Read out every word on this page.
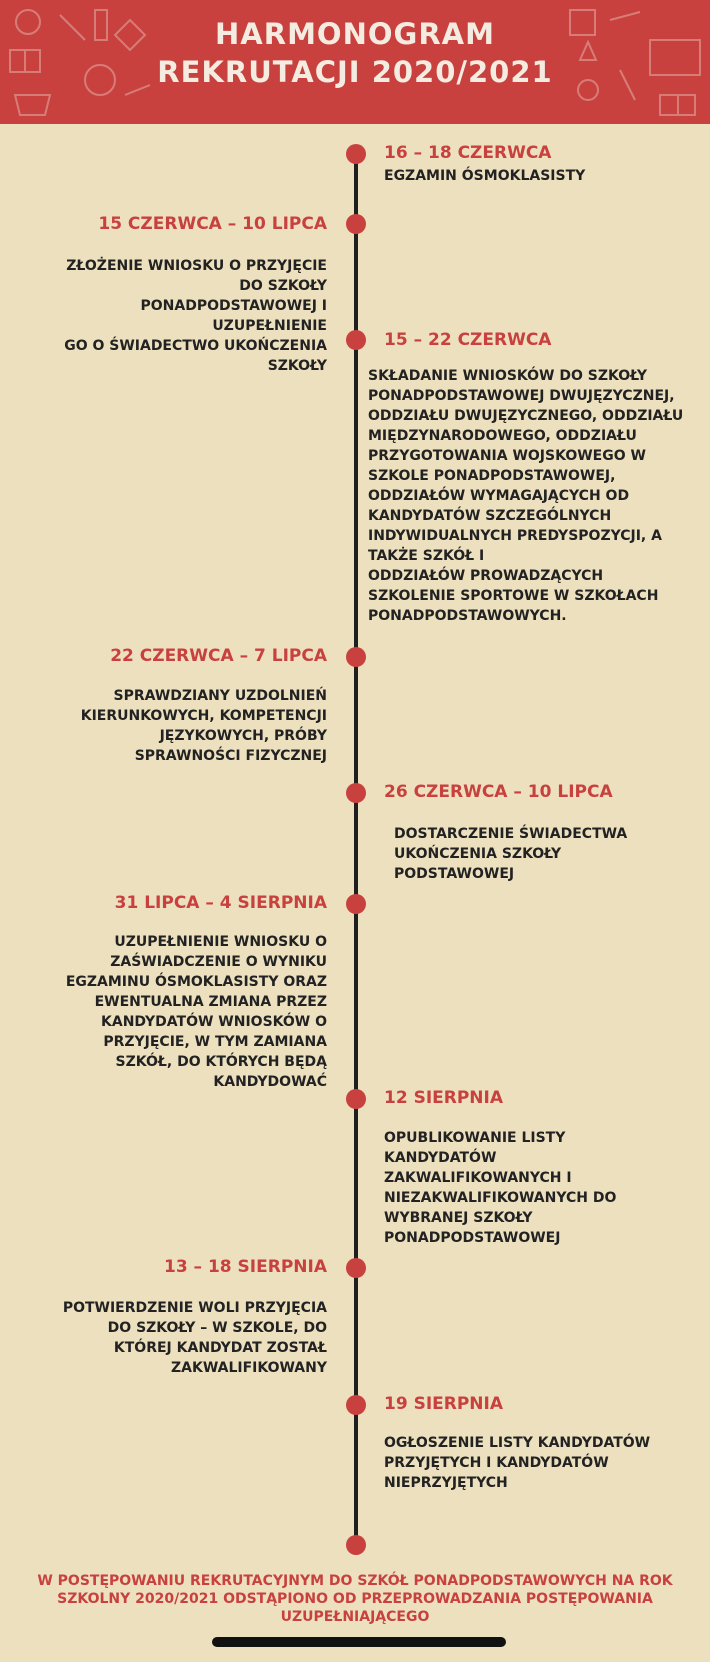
HARMONOGRAM
REKRUTACJI 2020/2021
16 – 18 CZERWCA
EGZAMIN ÓSMOKLASISTY
15 CZERWCA – 10 LIPCA
ZŁOŻENIE WNIOSKU O PRZYJĘCIE
DO SZKOŁY
PONADPODSTAWOWEJ I
UZUPEŁNIENIE
GO O ŚWIADECTWO UKOŃCZENIA
SZKOŁY
15 – 22 CZERWCA
SKŁADANIE WNIOSKÓW DO SZKOŁY
PONADPODSTAWOWEJ DWUJĘZYCZNEJ,
ODDZIAŁU DWUJĘZYCZNEGO, ODDZIAŁU
MIĘDZYNARODOWEGO, ODDZIAŁU
PRZYGOTOWANIA WOJSKOWEGO W
SZKOLE PONADPODSTAWOWEJ,
ODDZIAŁÓW WYMAGAJĄCYCH OD
KANDYDATÓW SZCZEGÓLNYCH
INDYWIDUALNYCH PREDYSPOZYCJI, A
TAKŻE SZKÓŁ I
ODDZIAŁÓW PROWADZĄCYCH
SZKOLENIE SPORTOWE W SZKOŁACH
PONADPODSTAWOWYCH.
22 CZERWCA – 7 LIPCA
SPRAWDZIANY UZDOLNIEŃ
KIERUNKOWYCH, KOMPETENCJI
JĘZYKOWYCH, PRÓBY
SPRAWNOŚCI FIZYCZNEJ
26 CZERWCA – 10 LIPCA
DOSTARCZENIE ŚWIADECTWA
UKOŃCZENIA SZKOŁY
PODSTAWOWEJ
31 LIPCA – 4 SIERPNIA
UZUPEŁNIENIE WNIOSKU O
ZAŚWIADCZENIE O WYNIKU
EGZAMINU ÓSMOKLASISTY ORAZ
EWENTUALNA ZMIANA PRZEZ
KANDYDATÓW WNIOSKÓW O
PRZYJĘCIE, W TYM ZAMIANA
SZKÓŁ, DO KTÓRYCH BĘDĄ
KANDYDOWAĆ
12 SIERPNIA
OPUBLIKOWANIE LISTY
KANDYDATÓW
ZAKWALIFIKOWANYCH I
NIEZAKWALIFIKOWANYCH DO
WYBRANEJ SZKOŁY
PONADPODSTAWOWEJ
13 – 18 SIERPNIA
POTWIERDZENIE WOLI PRZYJĘCIA
DO SZKOŁY – W SZKOLE, DO
KTÓREJ KANDYDAT ZOSTAŁ
ZAKWALIFIKOWANY
19 SIERPNIA
OGŁOSZENIE LISTY KANDYDATÓW
PRZYJĘTYCH I KANDYDATÓW
NIEPRZYJĘTYCH
W POSTĘPOWANIU REKRUTACYJNYM DO SZKÓŁ PONADPODSTAWOWYCH NA ROK SZKOLNY 2020/2021 ODSTĄPIONO OD PRZEPROWADZANIA POSTĘPOWANIA UZUPEŁNIAJĄCEGO
